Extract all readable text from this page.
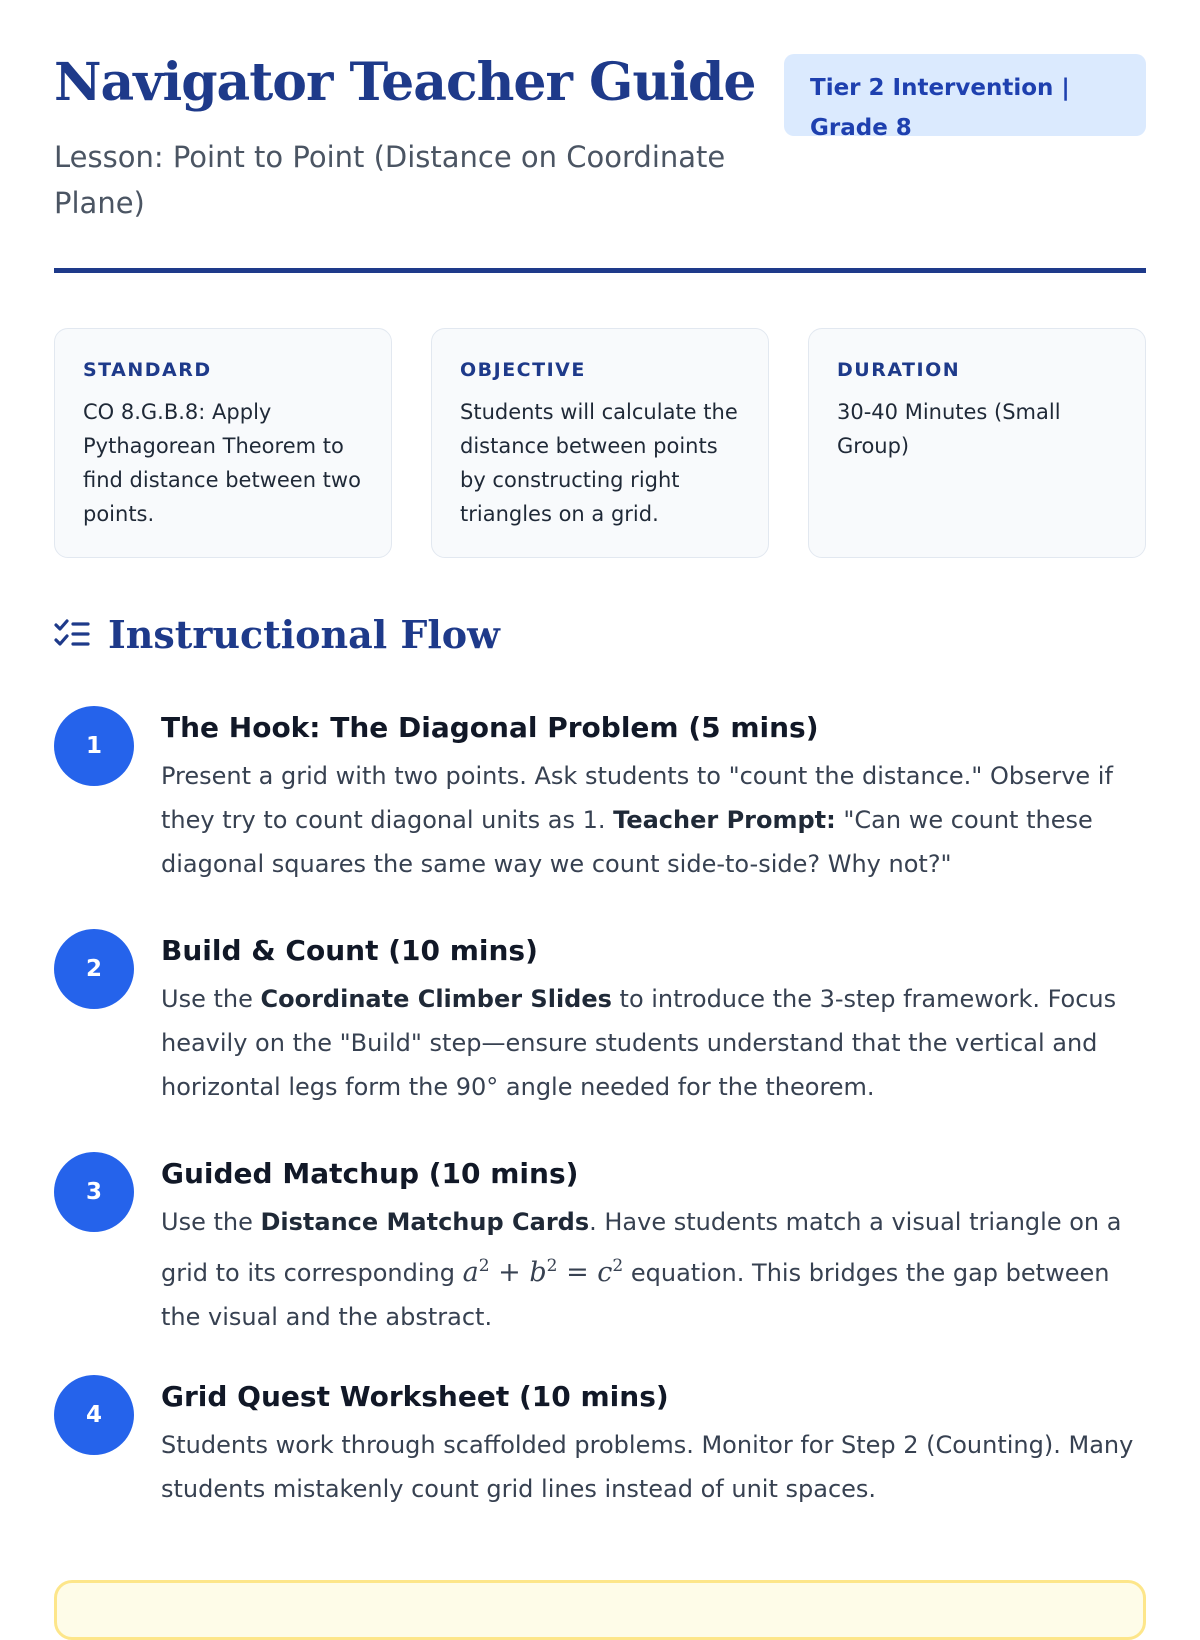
Navigator Teacher Guide
Lesson: Point to Point (Distance on Coordinate Plane)
Tier 2 Intervention | Grade 8
STANDARD
CO 8.G.B.8: Apply Pythagorean Theorem to find distance between two points.
OBJECTIVE
Students will calculate the distance between points by constructing right triangles on a grid.
DURATION
30-40 Minutes (Small Group)
Instructional Flow
1
The Hook: The Diagonal Problem (5 mins)
Present a grid with two points. Ask students to "count the distance." Observe if they try to count diagonal units as 1. Teacher Prompt: "Can we count these diagonal squares the same way we count side-to-side? Why not?"
2
Build & Count (10 mins)
Use the Coordinate Climber Slides to introduce the 3-step framework. Focus heavily on the "Build" step—ensure students understand that the vertical and horizontal legs form the 90° angle needed for the theorem.
3
Guided Matchup (10 mins)
Use the Distance Matchup Cards. Have students match a visual triangle on a grid to its corresponding $a^2 + b^2 = c^2$ equation. This bridges the gap between the visual and the abstract.
4
Grid Quest Worksheet (10 mins)
Students work through scaffolded problems. Monitor for Step 2 (Counting). Many students mistakenly count grid lines instead of unit spaces.
